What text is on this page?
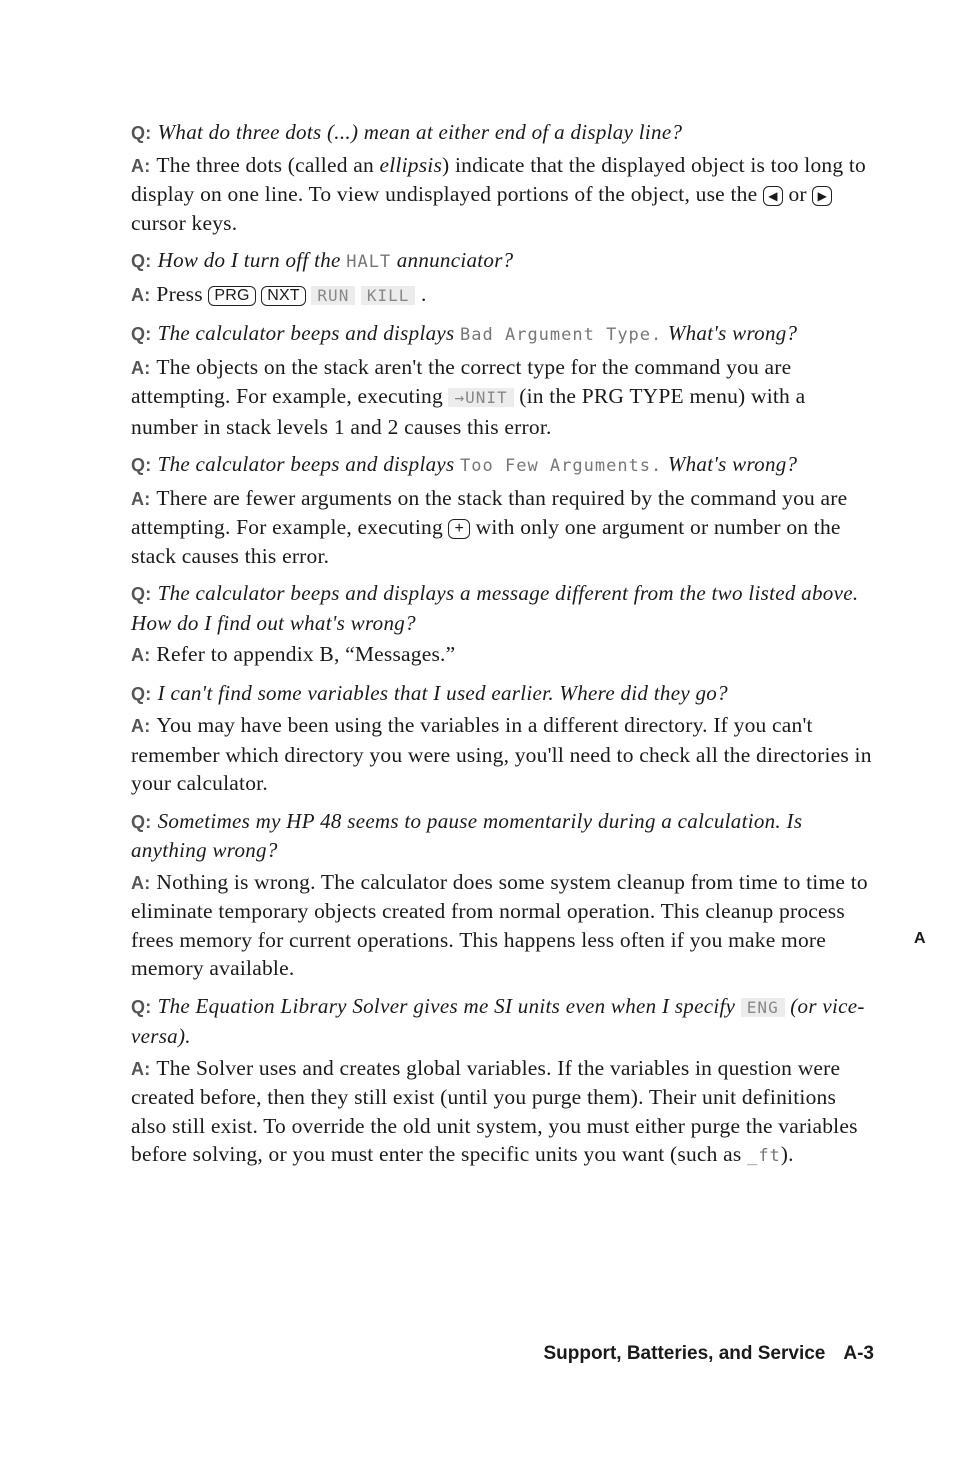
Q: What do three dots (...) mean at either end of a display line?

A: The three dots (called an ellipsis) indicate that the displayed object is too long to display on one line. To view undisplayed portions of the object, use the ◀ or ▶ cursor keys.

Q: How do I turn off the HALT annunciator?

A: Press PRG NXT RUN KILL .

Q: The calculator beeps and displays Bad Argument Type. What's wrong?

A: The objects on the stack aren't the correct type for the command you are attempting. For example, executing →UNIT (in the PRG TYPE menu) with a number in stack levels 1 and 2 causes this error.

Q: The calculator beeps and displays Too Few Arguments. What's wrong?

A: There are fewer arguments on the stack than required by the command you are attempting. For example, executing + with only one argument or number on the stack causes this error.

Q: The calculator beeps and displays a message different from the two listed above. How do I find out what's wrong?

A: Refer to appendix B, “Messages.”

Q: I can't find some variables that I used earlier. Where did they go?

A: You may have been using the variables in a different directory. If you can't remember which directory you were using, you'll need to check all the directories in your calculator.

Q: Sometimes my HP 48 seems to pause momentarily during a calculation. Is anything wrong?

A: Nothing is wrong. The calculator does some system cleanup from time to time to eliminate temporary objects created from normal operation. This cleanup process frees memory for current operations. This happens less often if you make more memory available.

Q: The Equation Library Solver gives me SI units even when I specify ENG (or vice-versa).

A: The Solver uses and creates global variables. If the variables in question were created before, then they still exist (until you purge them). Their unit definitions also still exist. To override the old unit system, you must either purge the variables before solving, or you must enter the specific units you want (such as _ft).

A
Support, Batteries, and Service A-3
